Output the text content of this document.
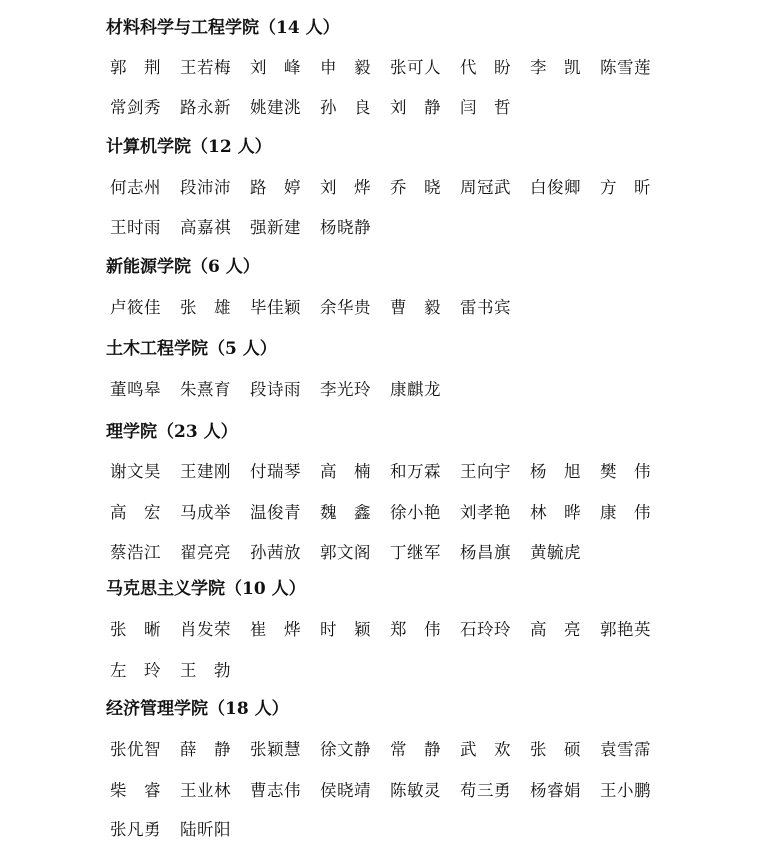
材料科学与工程学院（14 人）
郭　荆 王若梅 刘　峰 申　毅 张可人 代　盼 李　凯 陈雪莲
常剑秀 路永新 姚建洮 孙　良 刘　静 闫　哲
计算机学院（12 人）
何志州 段沛沛 路　婷 刘　烨 乔　晓 周冠武 白俊卿 方　昕
王时雨 高嘉祺 强新建 杨晓静
新能源学院（6 人）
卢筱佳 张　雄 毕佳颖 余华贵 曹　毅 雷书宾
土木工程学院（5 人）
董鸣皋 朱熹育 段诗雨 李光玲 康麒龙
理学院（23 人）
谢文昊 王建刚 付瑞琴 高　楠 和万霖 王向宇 杨　旭 樊　伟
高　宏 马成举 温俊青 魏　鑫 徐小艳 刘孝艳 林　晔 康　伟
蔡浩江 翟亮亮 孙茜放 郭文阁 丁继军 杨昌旗 黄毓虎
马克思主义学院（10 人）
张　晰 肖发荣 崔　烨 时　颖 郑　伟 石玲玲 高　亮 郭艳英
左　玲 王　勃
经济管理学院（18 人）
张优智 薛　静 张颖慧 徐文静 常　静 武　欢 张　硕 袁雪霈
柴　睿 王业林 曹志伟 侯晓靖 陈敏灵 苟三勇 杨睿娟 王小鹏
张凡勇 陆昕阳
